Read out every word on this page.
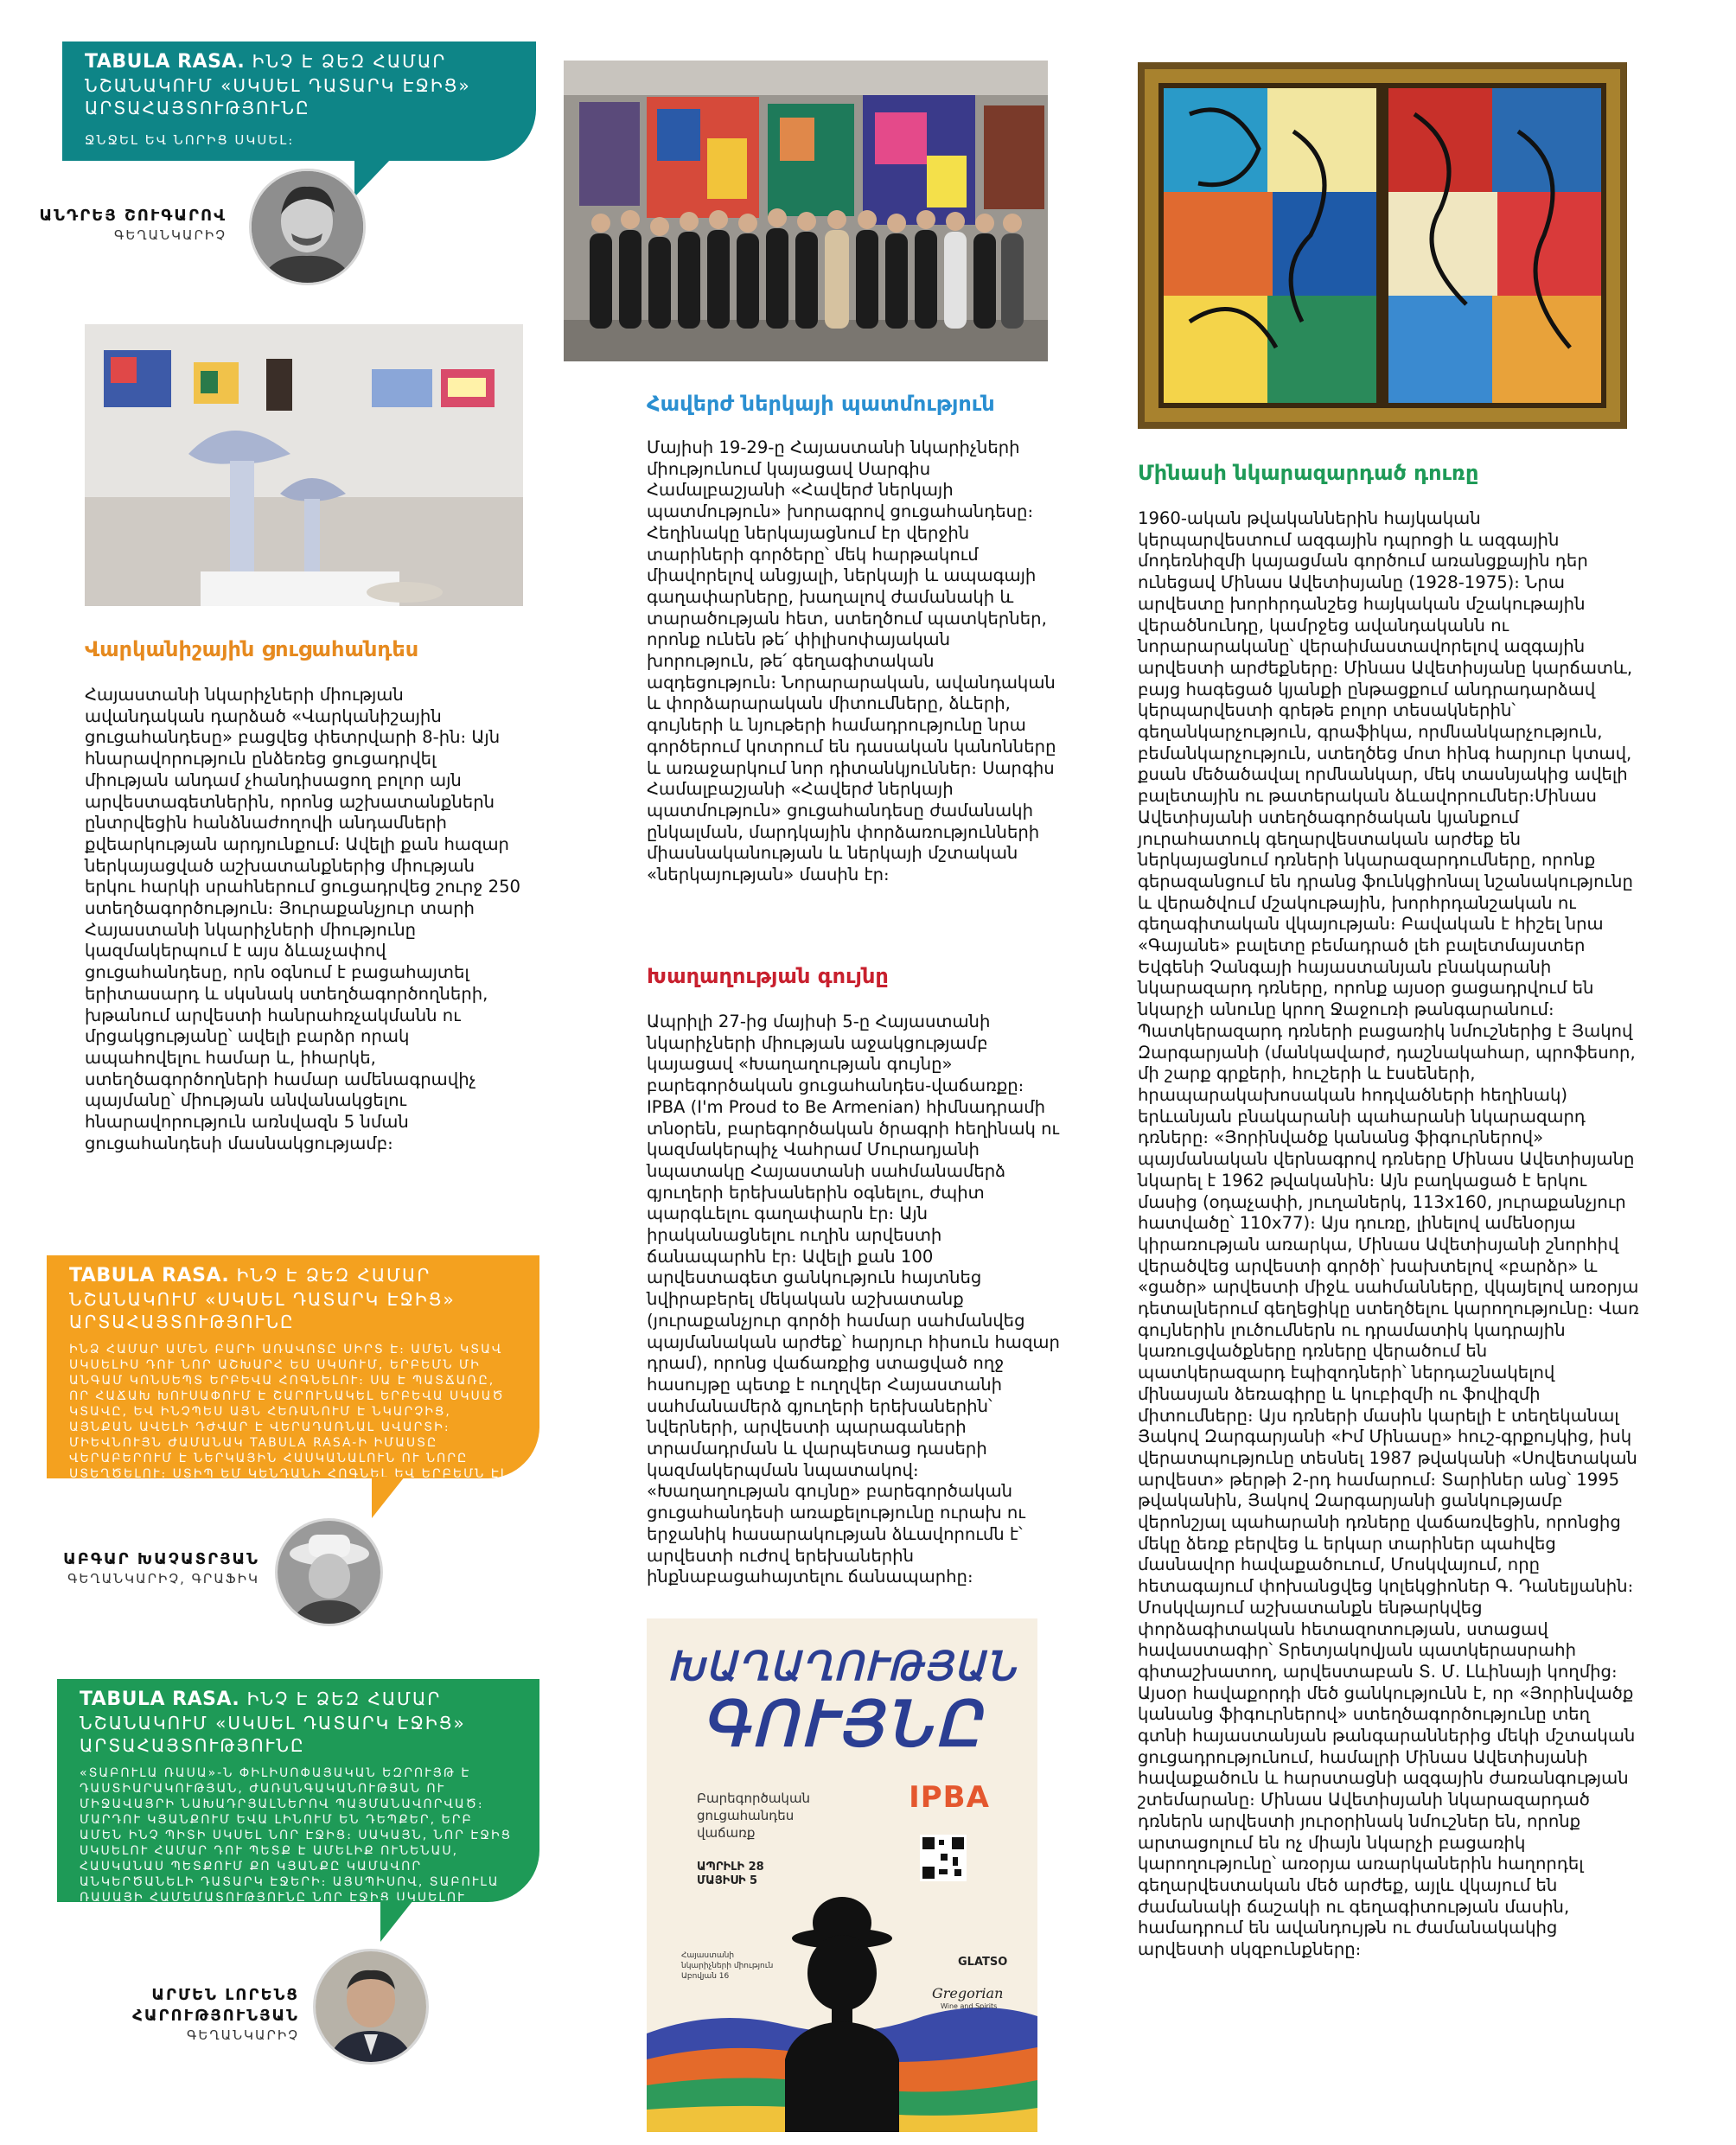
TABULA RASA. ԻՆՉ Է ՁԵԶ ՀԱՄԱՐ ՆՇԱՆԱԿՈՒՄ «ՍԿՍԵԼ ԴԱՏԱՐԿ ԷՋԻՑ» ԱՐՏԱՀԱՅՏՈՒԹՅՈՒՆԸ
ՋՆՋԵԼ ԵՎ ՆՈՐԻՑ ՍԿՍԵԼ։
ԱՆԴՐԵՅ ՇՈՒԳԱՐՈՎ
ԳԵՂԱՆԿԱՐԻՉ
Վարկանիշային ցուցահանդես

Հայաստանի նկարիչների միության ավանդական դարձած «Վարկանիշային ցուցահանդեսը» բացվեց փետրվարի 8-ին։ Այն հնարավորություն ընձեռեց ցուցադրվել միության անդամ չհանդիսացող բոլոր այն արվեստագետներին, որոնց աշխատանքներն ընտրվեցին հանձնաժողովի անդամների քվեարկության արդյունքում։ Ավելի քան հազար ներկայացված աշխատանքներից միության երկու հարկի սրահներում ցուցադրվեց շուրջ 250 ստեղծագործություն։ Յուրաքանչյուր տարի Հայաստանի նկարիչների միությունը կազմակերպում է այս ձևաչափով ցուցահանդեսը, որն օգնում է բացահայտել երիտասարդ և սկսնակ ստեղծագործողների, խթանում արվեստի հանրահռչակմանն ու մրցակցությանը՝ ավելի բարձր որակ ապահովելու համար և, իհարկե, ստեղծագործողների համար ամենագրավիչ պայմանը՝ միության անվանակցելու հնարավորություն առնվազն 5 նման ցուցահանդեսի մասնակցությամբ։

TABULA RASA. ԻՆՉ Է ՁԵԶ ՀԱՄԱՐ ՆՇԱՆԱԿՈՒՄ «ՍԿՍԵԼ ԴԱՏԱՐԿ ԷՋԻՑ» ԱՐՏԱՀԱՅՏՈՒԹՅՈՒՆԸ
ԻՆՁ ՀԱՄԱՐ ԱՄԵՆ ԲԱՐԻ ԱՌԱՎՈՏԸ ՍԻՐՏ Է։ ԱՄԵՆ ԿՏԱՎ ՍԿՍԵԼԻՍ ԴՈՒ ՆՈՐ ԱՇԽԱՐՀ ԵՍ ՍԿՍՈՒՄ, ԵՐԲԵՄՆ ՄԻ ԱՆԳԱՄ ԿՈՆՍԵՊՏ ԵՐԲԵՎԱ ՀՈԳՆԵԼՈՒ։ ՍԱ Է ՊԱՏՃԱՌԸ, ՈՐ ՀԱՃԱԽ ԽՈՒՍԱՓՈՒՄ Է ՇԱՐՈՒՆԱԿԵԼ ԵՐԲԵՎԱ ՍԿՍԱԾ ԿՏԱՎԸ, ԵՎ ԻՆՉՊԵՍ ԱՅՆ ՀԵՌԱՆՈՒՄ Է ՆԿԱՐՉԻՑ, ԱՅՆՔԱՆ ԱՎԵԼԻ ԴԺՎԱՐ Է ՎԵՐԱԴԱՌՆԱԼ ԱՎԱՐՏԻ։ ՄԻԵՎՆՈՒՅՆ ԺԱՄԱՆԱԿ TABULA RASA-Ի ԻՄԱՍՏԸ ՎԵՐԱԲԵՐՈՒՄ Է ՆԵՐԿԱՅԻՆ ՀԱՍԿԱՆԱԼՈՒՆ ՈՒ ՆՈՐԸ ՍՏԵՂԾԵԼՈՒ։ ՍՏԻՊ ԵՄ ԿԵՆԴԱՆԻ ՀՈԳՆԵԼ ԵՎ ԵՐԲԵՄՆ ԷԼ ԴԱՏԱՐԿ ԷՋԻՑ ՍԿՍԵԼ ԻՆՁ ՀԱՄԱՐ ՎԵՐԱԴԱՐՁ Է ԱԿՈՒՆՔՆԵՐԻՆ։
ԱԲԳԱՐ ԽԱՉԱՏՐՅԱՆ
ԳԵՂԱՆԿԱՐԻՉ, ԳՐԱՖԻԿ
TABULA RASA. ԻՆՉ Է ՁԵԶ ՀԱՄԱՐ ՆՇԱՆԱԿՈՒՄ «ՍԿՍԵԼ ԴԱՏԱՐԿ ԷՋԻՑ» ԱՐՏԱՀԱՅՏՈՒԹՅՈՒՆԸ
«ՏԱԲՈՒԼԱ ՌԱՍԱ»-Ն ՓԻԼԻՍՈՓԱՅԱԿԱՆ ԵԶՐՈՒՅԹ Է ԴԱՍՏԻԱՐԱԿՈՒԹՅԱՆ, ԺԱՌԱՆԳԱԿԱՆՈՒԹՅԱՆ ՈՒ ՄԻՋԱՎԱՅՐԻ ՆԱԽԱԴՐՅԱԼՆԵՐՈՎ ՊԱՅՄԱՆԱՎՈՐՎԱԾ։ ՄԱՐԴՈՒ ԿՅԱՆՔՈՒՄ ԵՎԱ ԼԻՆՈՒՄ ԵՆ ԴԵՊՔԵՐ, ԵՐԲ ԱՄԵՆ ԻՆՉ ՊԻՏԻ ՍԿՍԵԼ ՆՈՐ ԷՋԻՑ։ ՍԱԿԱՅՆ, ՆՈՐ ԷՋԻՑ ՍԿՍԵԼՈՒ ՀԱՄԱՐ ԴՈՒ ՊԵՏՔ Է ԱՄԵԼԻՔ ՈՒՆԵՆԱՍ, ՀԱՍԿԱՆԱՍ ՊԵՏՔՈՒՄ ՔՈ ԿՅԱՆՔԸ ԿԱՄԱՎՈՐ ԱՆԿԵՐԾԱՆԵԼԻ ԴԱՏԱՐԿ ԷՋԵՐԻ։ ԱՅՍՊԻՍՈՎ, ՏԱԲՈՒԼԱ ՌԱՍԱՅԻ ՀԱՄԵՄԱՏՈՒԹՅՈՒՆԸ ՆՈՐ ԷՋԻՑ ՍԿՍԵԼՈՒ ԳԱՂԱՓԱՐԻ ԱՅՆՔԱՆ ԷԼ ԻՐԱՏԵՍԱԿԱՆ ՉԷ։ ԱՄԵՆ ՄԻ ՆՈՐ ԲԱՆ ՀԵՆՎՈՒՄ Է ՆԱԽԿԻՆՈՒՄ ՁԵՌՔ ԲԵՐՎԱԾԻ ՎՐԱ։
ԱՐՄԵՆ ԼՈՐԵՆՑ
ՀԱՐՈՒԹՅՈՒՆՅԱՆ
ԳԵՂԱՆԿԱՐԻՉ
Հավերժ ներկայի պատմություն

Մայիսի 19-29-ը Հայաստանի նկարիչների միությունում կայացավ Սարգիս Համալբաշյանի «Հավերժ ներկայի պատմություն» խորագրով ցուցահանդեսը։ Հեղինակը ներկայացնում էր վերջին տարիների գործերը՝ մեկ հարթակում միավորելով անցյալի, ներկայի և ապագայի գաղափարները, խաղալով ժամանակի և տարածության հետ, ստեղծում պատկերներ, որոնք ունեն թե՛ փիլիսոփայական խորություն, թե՛ գեղագիտական ազդեցություն։ Նորարարական, ավանդական և փորձարարական միտումները, ձևերի, գույների և նյութերի համադրությունը նրա գործերում կոտրում են դասական կանոնները և առաջարկում նոր դիտանկյուններ։ Սարգիս Համալբաշյանի «Հավերժ ներկայի պատմություն» ցուցահանդեսը ժամանակի ընկալման, մարդկային փորձառությունների միասնականության և ներկայի մշտական «ներկայության» մասին էր։

Խաղաղության գույնը

Ապրիլի 27-ից մայիսի 5-ը Հայաստանի նկարիչների միության աջակցությամբ կայացավ «Խաղաղության գույնը» բարեգործական ցուցահանդես-վաճառքը։ IPBA (I'm Proud to Be Armenian) հիմնադրամի տնօրեն, բարեգործական ծրագրի հեղինակ ու կազմակերպիչ Վահրամ Մուրադյանի նպատակը Հայաստանի սահմանամերձ գյուղերի երեխաներին օգնելու, ժպիտ պարգևելու գաղափարն էր։ Այն իրականացնելու ուղին արվեստի ճանապարհն էր։ Ավելի քան 100 արվեստագետ ցանկություն հայտնեց նվիրաբերել մեկական աշխատանք (յուրաքանչյուր գործի համար սահմանվեց պայմանական արժեք՝ հարյուր հիսուն հազար դրամ), որոնց վաճառքից ստացված ողջ հասույթը պետք է ուղղվեր Հայաստանի սահմանամերձ գյուղերի երեխաներին՝ նվերների, արվեստի պարագաների տրամադրման և վարպետաց դասերի կազմակերպման նպատակով։ «Խաղաղության գույնը» բարեգործական ցուցահանդեսի առաքելությունը ուրախ ու երջանիկ հասարակության ձևավորումն է՝ արվեստի ուժով երեխաներին ինքնաբացահայտելու ճանապարհը։

ԽԱՂԱՂՈՒԹՅԱՆ
ԳՈՒՅՆԸ
Բարեգործական ցուցահանդես վաճառք
IPBA
ԱՊՐԻԼԻ 28
ՄԱՅԻՍԻ 5
Հայաստանի նկարիչների միություն
Աբովյան 16
GLATSO
Gregorian
Wine and Spirits
Մինասի նկարազարդած դուռը

1960-ական թվականներին հայկական կերպարվեստում ազգային դպրոցի և ազգային մոդեռնիզմի կայացման գործում առանցքային դեր ունեցավ Մինաս Ավետիսյանը (1928-1975)։ Նրա արվեստը խորհրդանշեց հայկական մշակութային վերածնունդը, կամրջեց ավանդականն ու նորարարականը՝ վերաիմաստավորելով ազգային արվեստի արժեքները։ Մինաս Ավետիսյանը կարճատև, բայց հագեցած կյանքի ընթացքում անդրադարձավ կերպարվեստի գրեթե բոլոր տեսակներին՝ գեղանկարչություն, գրաֆիկա, որմնանկարչություն, բեմանկարչություն, ստեղծեց մոտ հինգ հարյուր կտավ, քսան մեծածավալ որմնանկար, մեկ տասնյակից ավելի բալետային ու թատերական ձևավորումներ։Մինաս Ավետիսյանի ստեղծագործական կյանքում յուրահատուկ գեղարվեստական արժեք են ներկայացնում դռների նկարազարդումները, որոնք գերազանցում են դրանց ֆունկցիոնալ նշանակությունը և վերածվում մշակութային, խորհրդանշական ու գեղագիտական վկայության։ Բավական է հիշել նրա «Գայանե» բալետը բեմադրած լեհ բալետմայստեր Եվգենի Չանգայի հայաստանյան բնակարանի նկարազարդ դռները, որոնք այսօր ցացադրվում են նկարչի անունը կրող Ջաջուռի թանգարանում։ Պատկերազարդ դռների բացառիկ նմուշներից է Յակով Զարգարյանի (մանկավարժ, դաշնակահար, պրոֆեսոր, մի շարք գրքերի, հուշերի և էսսեների, հրապարակախոսական հոդվածների հեղինակ) երևանյան բնակարանի պահարանի նկարազարդ դռները։ «Յորինվածք կանանց ֆիգուրներով» պայմանական վերնագրով դռները Մինաս Ավետիսյանը նկարել է 1962 թվականին։ Այն բաղկացած է երկու մասից (օդաչափի, յուղաներկ, 113x160, յուրաքանչյուր հատվածը՝ 110x77)։ Այս դուռը, լինելով ամենօրյա կիրառության առարկա, Մինաս Ավետիսյանի շնորհիվ վերածվեց արվեստի գործի՝ խախտելով «բարձր» և «ցածր» արվեստի միջև սահմանները, վկայելով առօրյա դետալներում գեղեցիկը ստեղծելու կարողությունը։ Վառ գույներին լուծումներն ու դրամատիկ կադրային կառուցվածքները դռները վերածում են պատկերազարդ էպիզոդների՝ ներդաշնակելով մինասյան ձեռագիրը և կուբիզմի ու ֆովիզմի միտումները։ Այս դռների մասին կարելի է տեղեկանալ Յակով Զարգարյանի «Իմ Մինասը» հուշ-գրքույկից, իսկ վերատպությունը տեսնել 1987 թվականի «Սովետական արվեստ» թերթի 2-րդ համարում։ Տարիներ անց՝ 1995 թվականին, Յակով Զարգարյանի ցանկությամբ վերոնշյալ պահարանի դռները վաճառվեցին, որոնցից մեկը ձեռք բերվեց և երկար տարիներ պահվեց մասնավոր հավաքածուում, Մոսկվայում, որը հետագայում փոխանցվեց կոլեկցիոներ Գ. Դանելյանին։ Մոսկվայում աշխատանքն ենթարկվեց փորձագիտական հետազոտության, ստացավ հավաստագիր՝ Տրետյակովյան պատկերասրահի գիտաշխատող, արվեստաբան Տ. Մ. Լևինայի կողմից։ Այսօր հավաքորդի մեծ ցանկությունն է, որ «Յորինվածք կանանց ֆիգուրներով» ստեղծագործությունը տեղ գտնի հայաստանյան թանգարաններից մեկի մշտական ցուցադրությունում, համալրի Մինաս Ավետիսյանի հավաքածուն և հարստացնի ազգային ժառանգության շտեմարանը։ Մինաս Ավետիսյանի նկարազարդած դռներն արվեստի յուրօրինակ նմուշներ են, որոնք արտացոլում են ոչ միայն նկարչի բացառիկ կարողությունը՝ առօրյա առարկաներին հաղորդել գեղարվեստական մեծ արժեք, այլև վկայում են ժամանակի ճաշակի ու գեղագիտության մասին, համադրում են ավանդույթն ու ժամանակակից արվեստի սկզբունքները։
